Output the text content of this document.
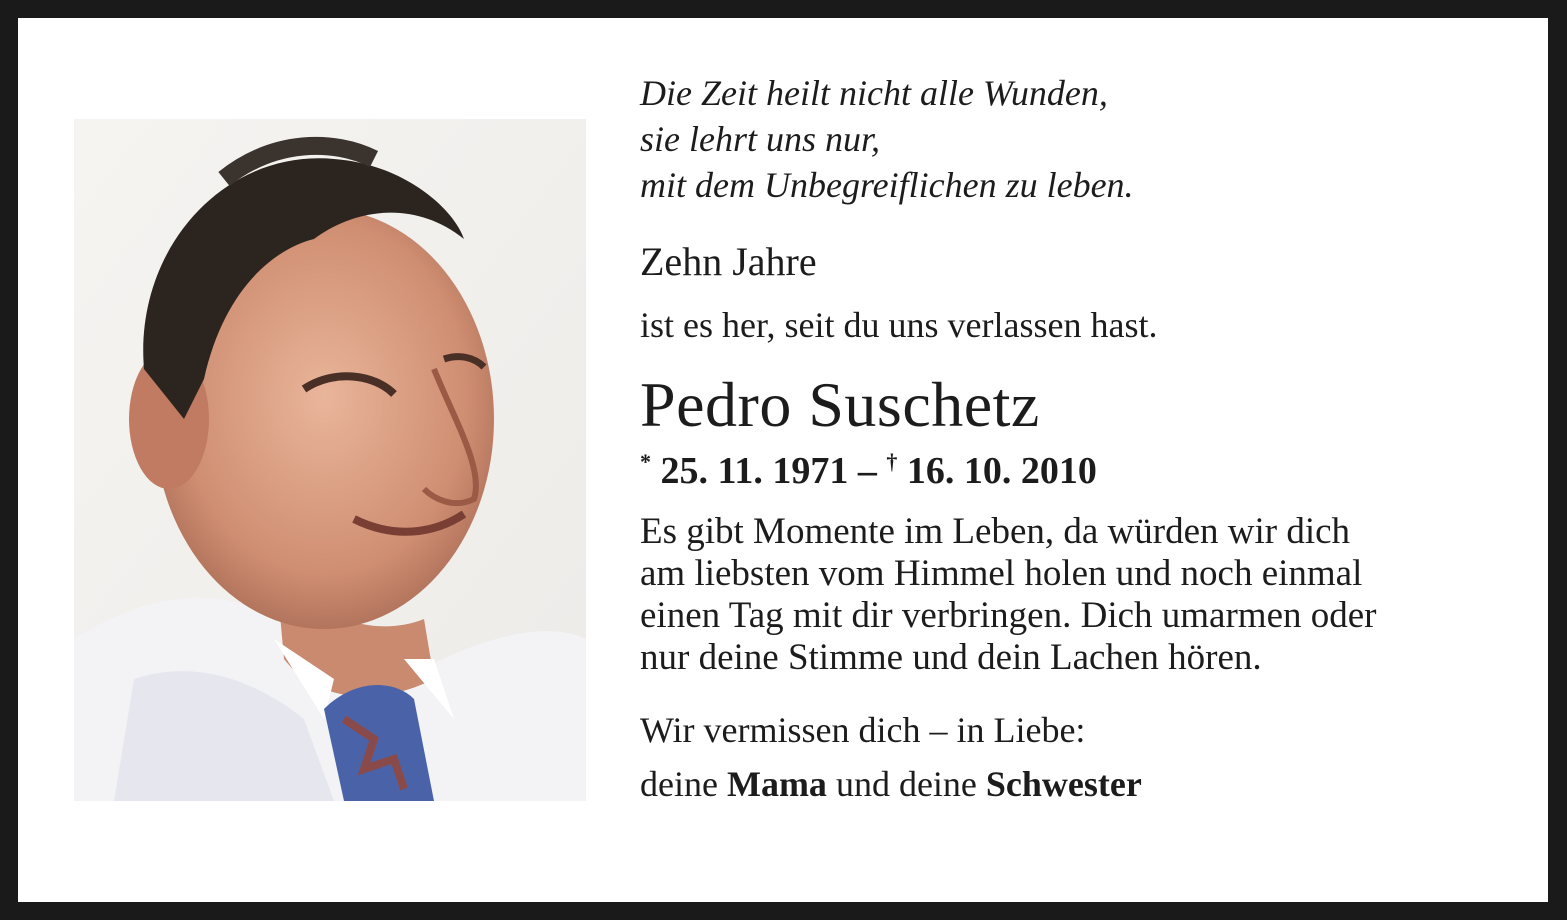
Die Zeit heilt nicht alle Wunden,
sie lehrt uns nur,
mit dem Unbegreiflichen zu leben.
Zehn Jahre
ist es her, seit du uns verlassen hast.
Pedro Suschetz
* 25. 11. 1971 – † 16. 10. 2010
Es gibt Momente im Leben, da würden wir dich
am liebsten vom Himmel holen und noch einmal
einen Tag mit dir verbringen. Dich umarmen oder
nur deine Stimme und dein Lachen hören.
Wir vermissen dich – in Liebe:
deine Mama und deine Schwester
